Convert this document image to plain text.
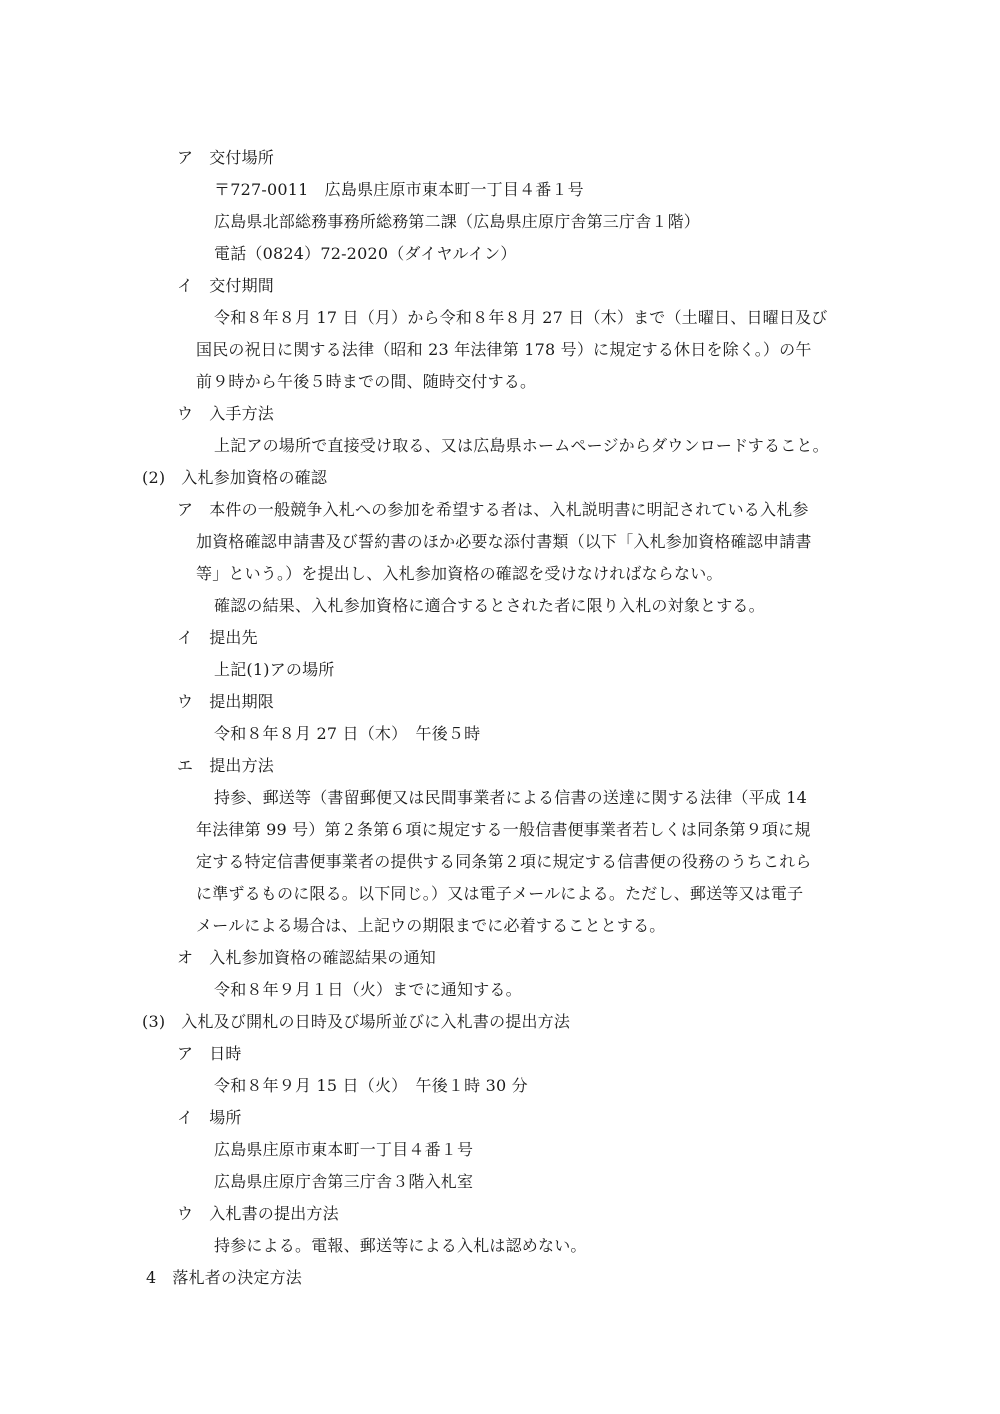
ア 交付場所
〒727-0011　広島県庄原市東本町一丁目４番１号
広島県北部総務事務所総務第二課（広島県庄原庁舎第三庁舎１階）
電話（0824）72-2020（ダイヤルイン）
イ 交付期間
令和８年８月 17 日（月）から令和８年８月 27 日（木）まで（土曜日、日曜日及び
国民の祝日に関する法律（昭和 23 年法律第 178 号）に規定する休日を除く。）の午
前９時から午後５時までの間、随時交付する。
ウ 入手方法
上記アの場所で直接受け取る、又は広島県ホームページからダウンロードすること。
(2) 入札参加資格の確認
ア 本件の一般競争入札への参加を希望する者は、入札説明書に明記されている入札参
加資格確認申請書及び誓約書のほか必要な添付書類（以下「入札参加資格確認申請書
等」という。）を提出し、入札参加資格の確認を受けなければならない。
確認の結果、入札参加資格に適合するとされた者に限り入札の対象とする。
イ 提出先
上記(1)アの場所
ウ 提出期限
令和８年８月 27 日（木）　午後５時
エ 提出方法
持参、郵送等（書留郵便又は民間事業者による信書の送達に関する法律（平成 14
年法律第 99 号）第２条第６項に規定する一般信書便事業者若しくは同条第９項に規
定する特定信書便事業者の提供する同条第２項に規定する信書便の役務のうちこれら
に準ずるものに限る。以下同じ。）又は電子メールによる。ただし、郵送等又は電子
メールによる場合は、上記ウの期限までに必着することとする。
オ 入札参加資格の確認結果の通知
令和８年９月１日（火）までに通知する。
(3) 入札及び開札の日時及び場所並びに入札書の提出方法
ア 日時
令和８年９月 15 日（火）　午後１時 30 分
イ 場所
広島県庄原市東本町一丁目４番１号
広島県庄原庁舎第三庁舎３階入札室
ウ 入札書の提出方法
持参による。電報、郵送等による入札は認めない。
4 落札者の決定方法
